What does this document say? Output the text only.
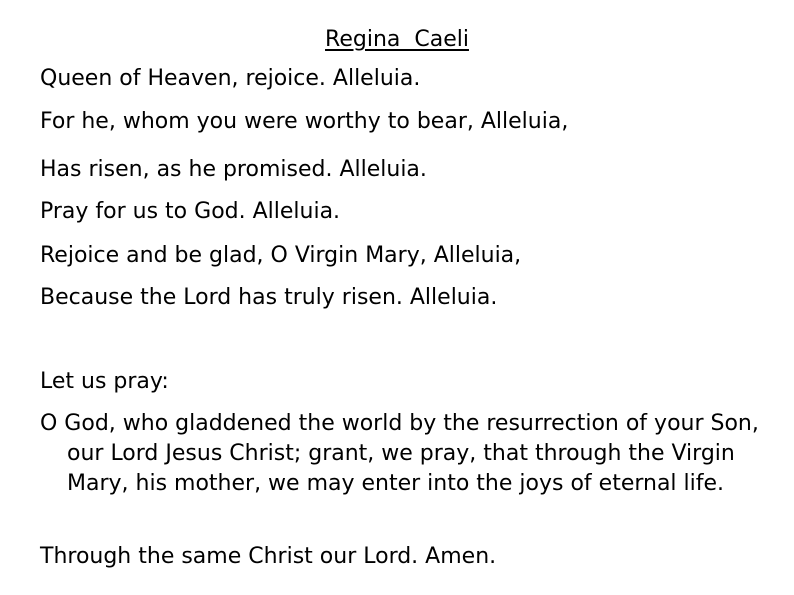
Regina  Caeli
Queen of Heaven, rejoice. Alleluia.
For he, whom you were worthy to bear, Alleluia,
Has risen, as he promised. Alleluia.
Pray for us to God. Alleluia.
Rejoice and be glad, O Virgin Mary, Alleluia,
Because the Lord has truly risen. Alleluia.
Let us pray:
O God, who gladdened the world by the resurrection of your Son, our Lord Jesus Christ; grant, we pray, that through the Virgin Mary, his mother, we may enter into the joys of eternal life.
Through the same Christ our Lord. Amen.
